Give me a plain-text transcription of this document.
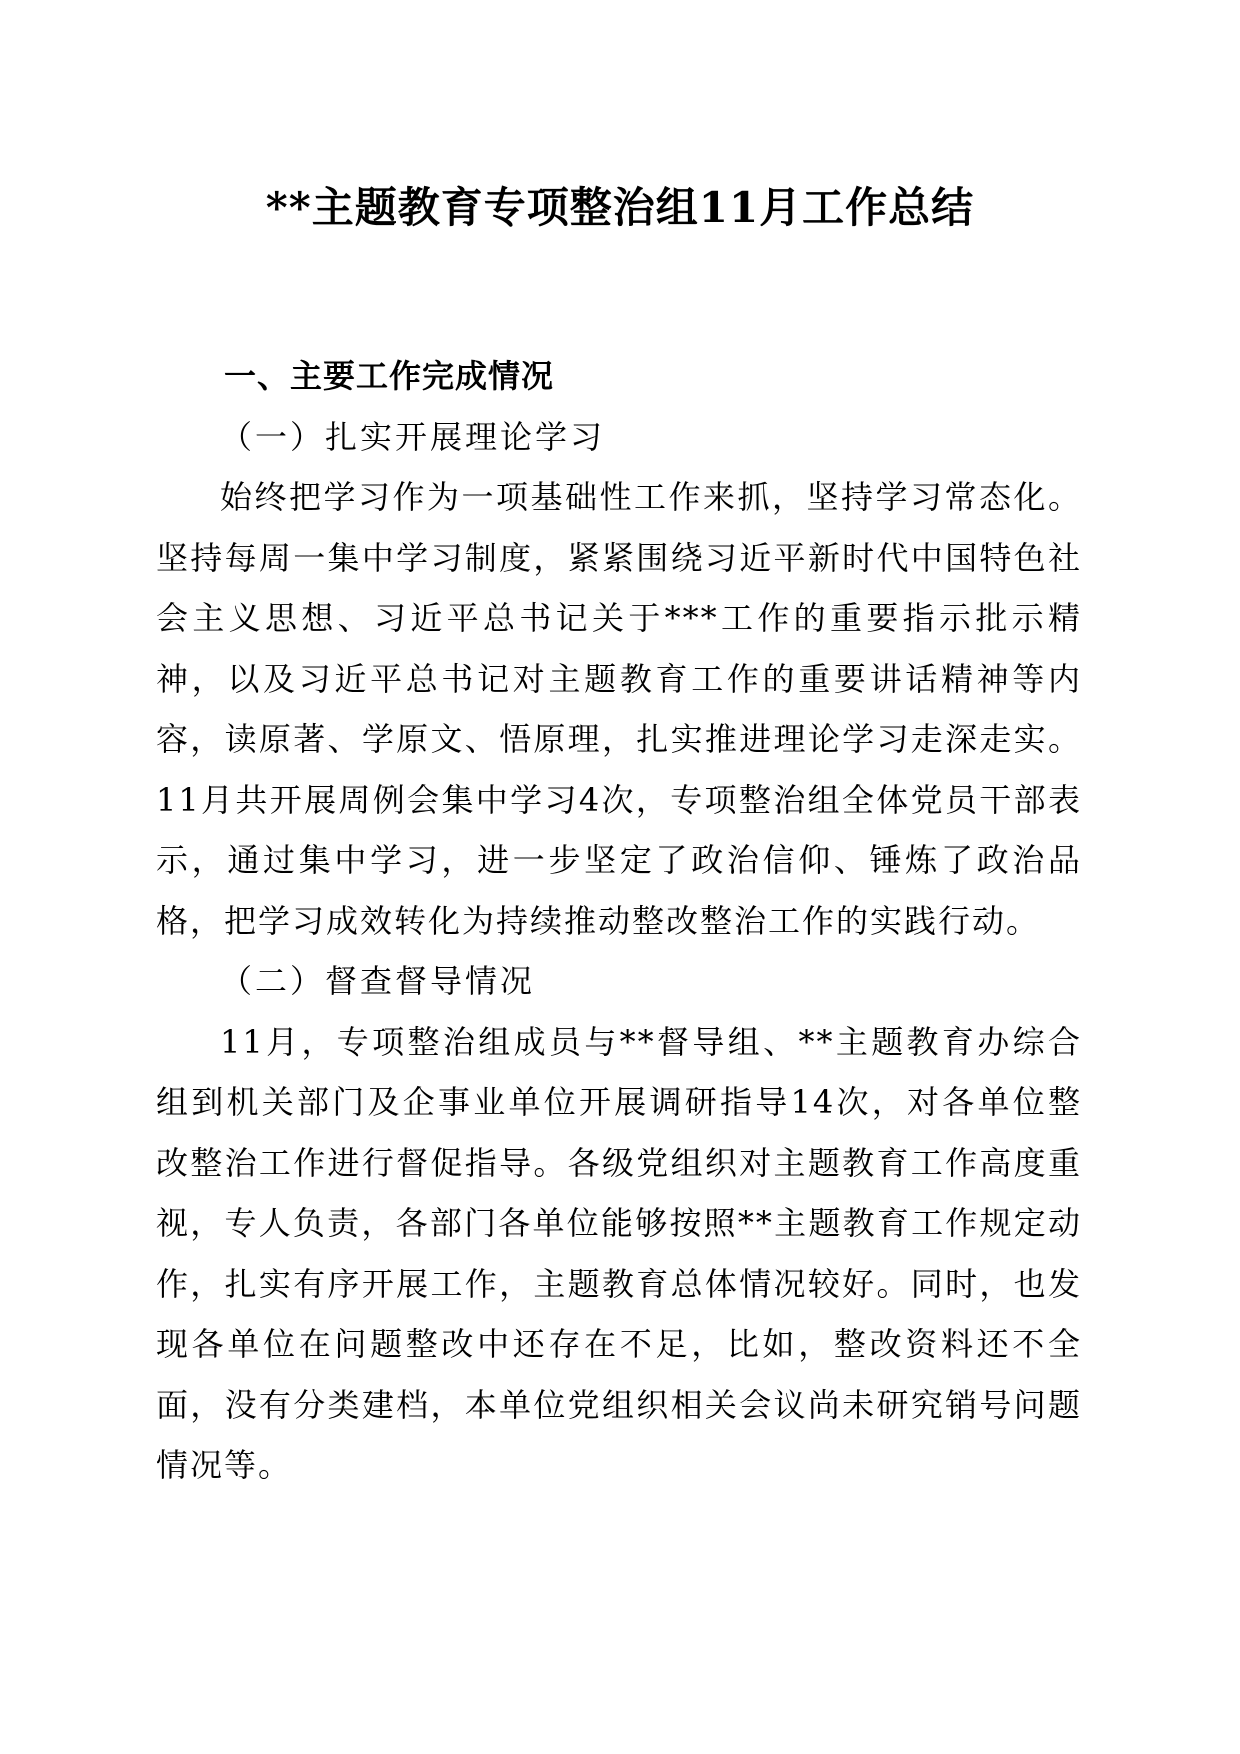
**主题教育专项整治组11月工作总结

一、主要工作完成情况

（一）扎实开展理论学习

始终把学习作为一项基础性工作来抓，坚持学习常态化。坚持每周一集中学习制度，紧紧围绕习近平新时代中国特色社会主义思想、习近平总书记关于***工作的重要指示批示精神，以及习近平总书记对主题教育工作的重要讲话精神等内容，读原著、学原文、悟原理，扎实推进理论学习走深走实。11月共开展周例会集中学习4次，专项整治组全体党员干部表示，通过集中学习，进一步坚定了政治信仰、锤炼了政治品格，把学习成效转化为持续推动整改整治工作的实践行动。

（二）督查督导情况

11月，专项整治组成员与**督导组、**主题教育办综合组到机关部门及企事业单位开展调研指导14次，对各单位整改整治工作进行督促指导。各级党组织对主题教育工作高度重视，专人负责，各部门各单位能够按照**主题教育工作规定动作，扎实有序开展工作，主题教育总体情况较好。同时，也发现各单位在问题整改中还存在不足，比如，整改资料还不全面，没有分类建档，本单位党组织相关会议尚未研究销号问题情况等。
